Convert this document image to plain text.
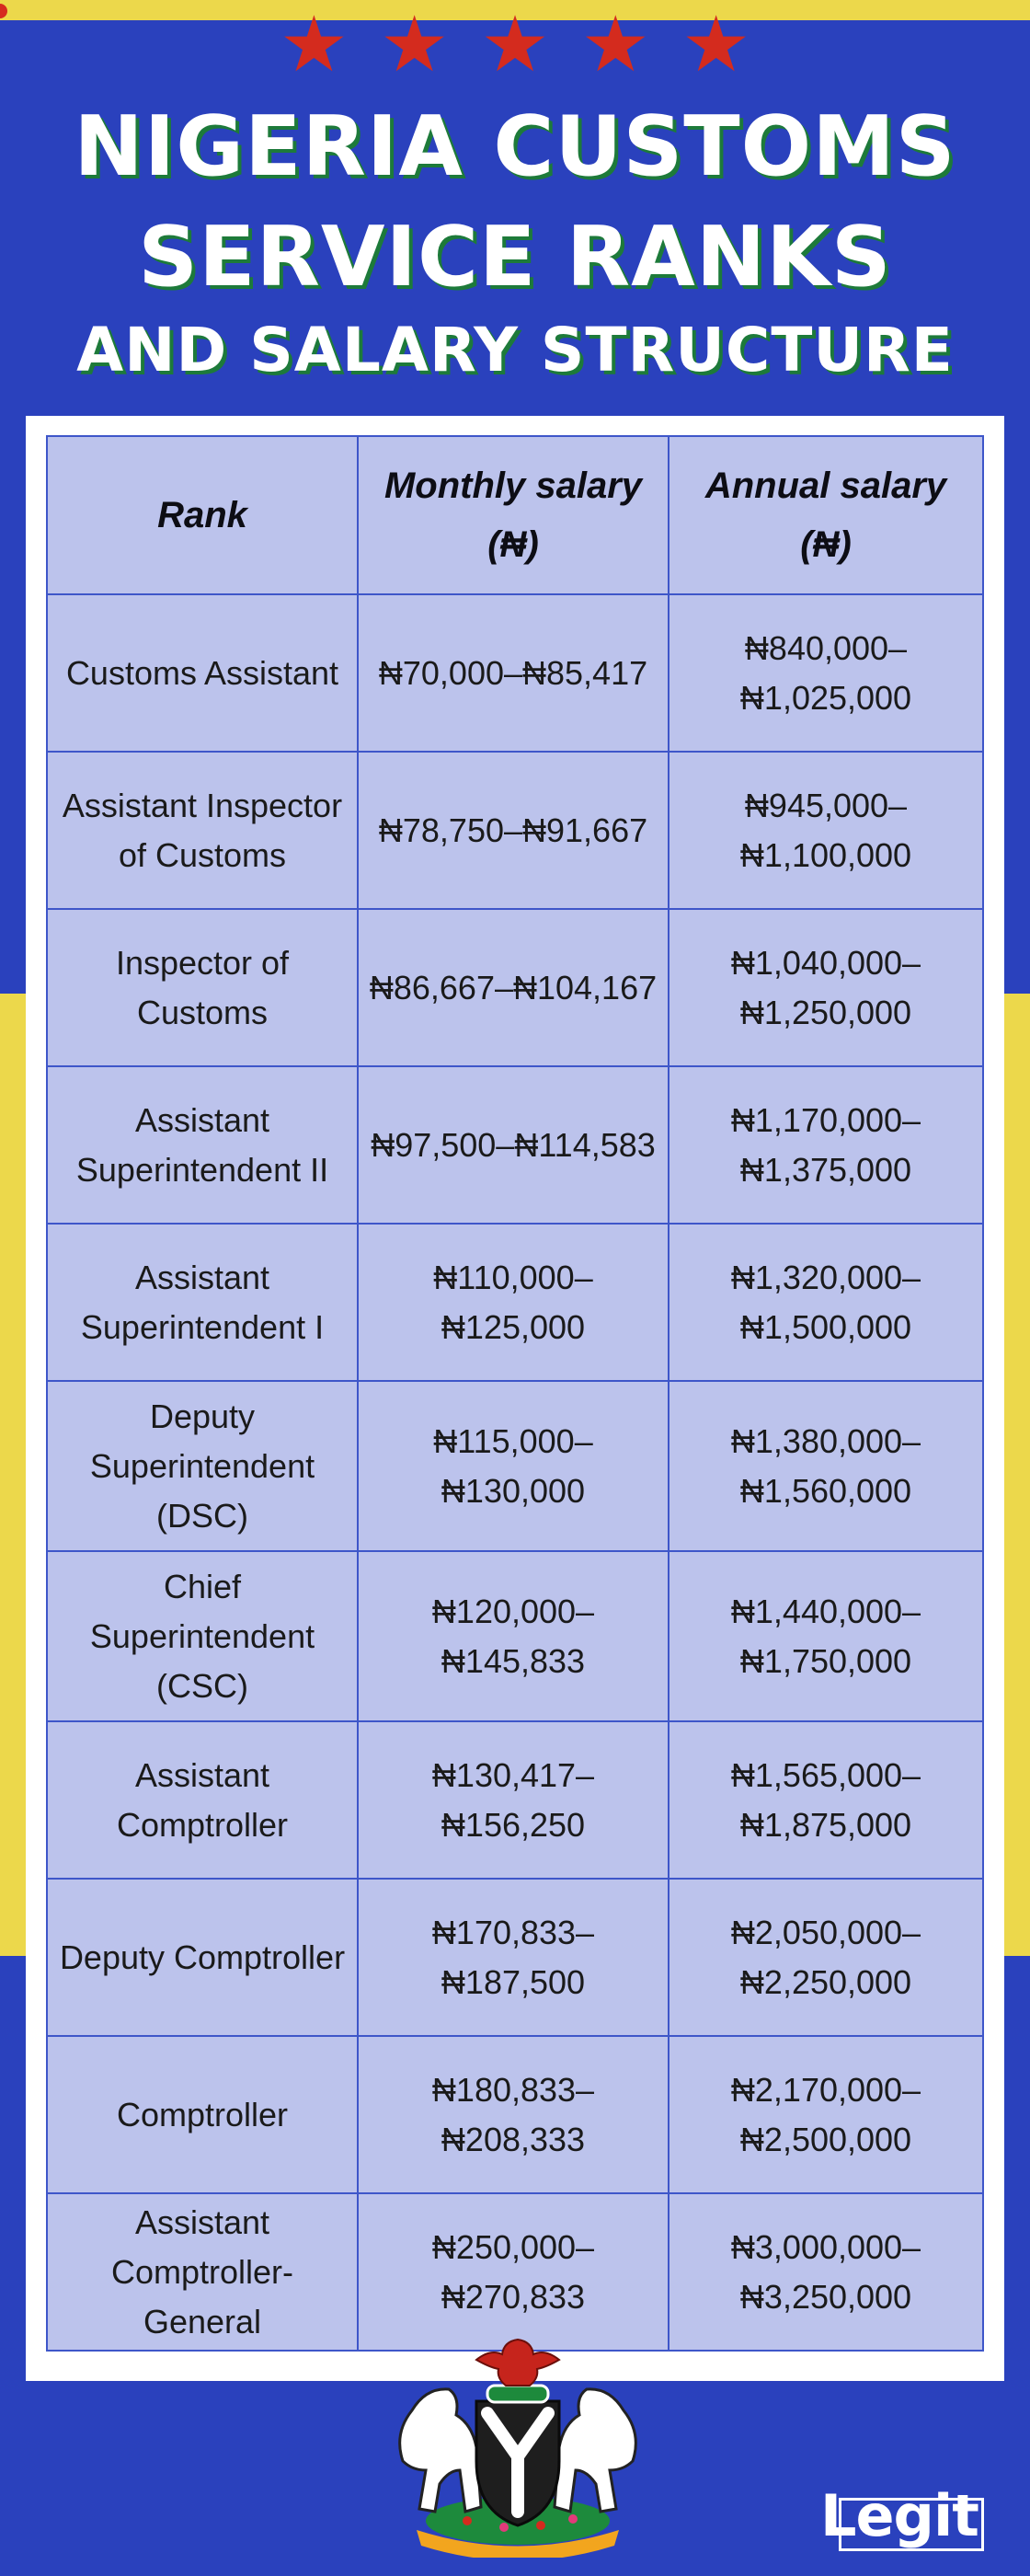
★ ★ ★ ★ ★
NIGERIA CUSTOMS
SERVICE RANKS
AND SALARY STRUCTURE
Rank	Monthly salary (₦)	Annual salary (₦)
Customs Assistant	₦70,000–₦85,417	₦840,000– ₦1,025,000
Assistant Inspector of Customs	₦78,750–₦91,667	₦945,000– ₦1,100,000
Inspector of Customs	₦86,667–₦104,167	₦1,040,000– ₦1,250,000
Assistant Superintendent II	₦97,500–₦114,583	₦1,170,000– ₦1,375,000
Assistant Superintendent I	₦110,000– ₦125,000	₦1,320,000– ₦1,500,000
Deputy Superintendent (DSC)	₦115,000– ₦130,000	₦1,380,000– ₦1,560,000
Chief Superintendent (CSC)	₦120,000– ₦145,833	₦1,440,000– ₦1,750,000
Assistant Comptroller	₦130,417– ₦156,250	₦1,565,000– ₦1,875,000
Deputy Comptroller	₦170,833– ₦187,500	₦2,050,000– ₦2,250,000
Comptroller	₦180,833– ₦208,333	₦2,170,000– ₦2,500,000
Assistant Comptroller-General	₦250,000– ₦270,833	₦3,000,000– ₦3,250,000
Legit
